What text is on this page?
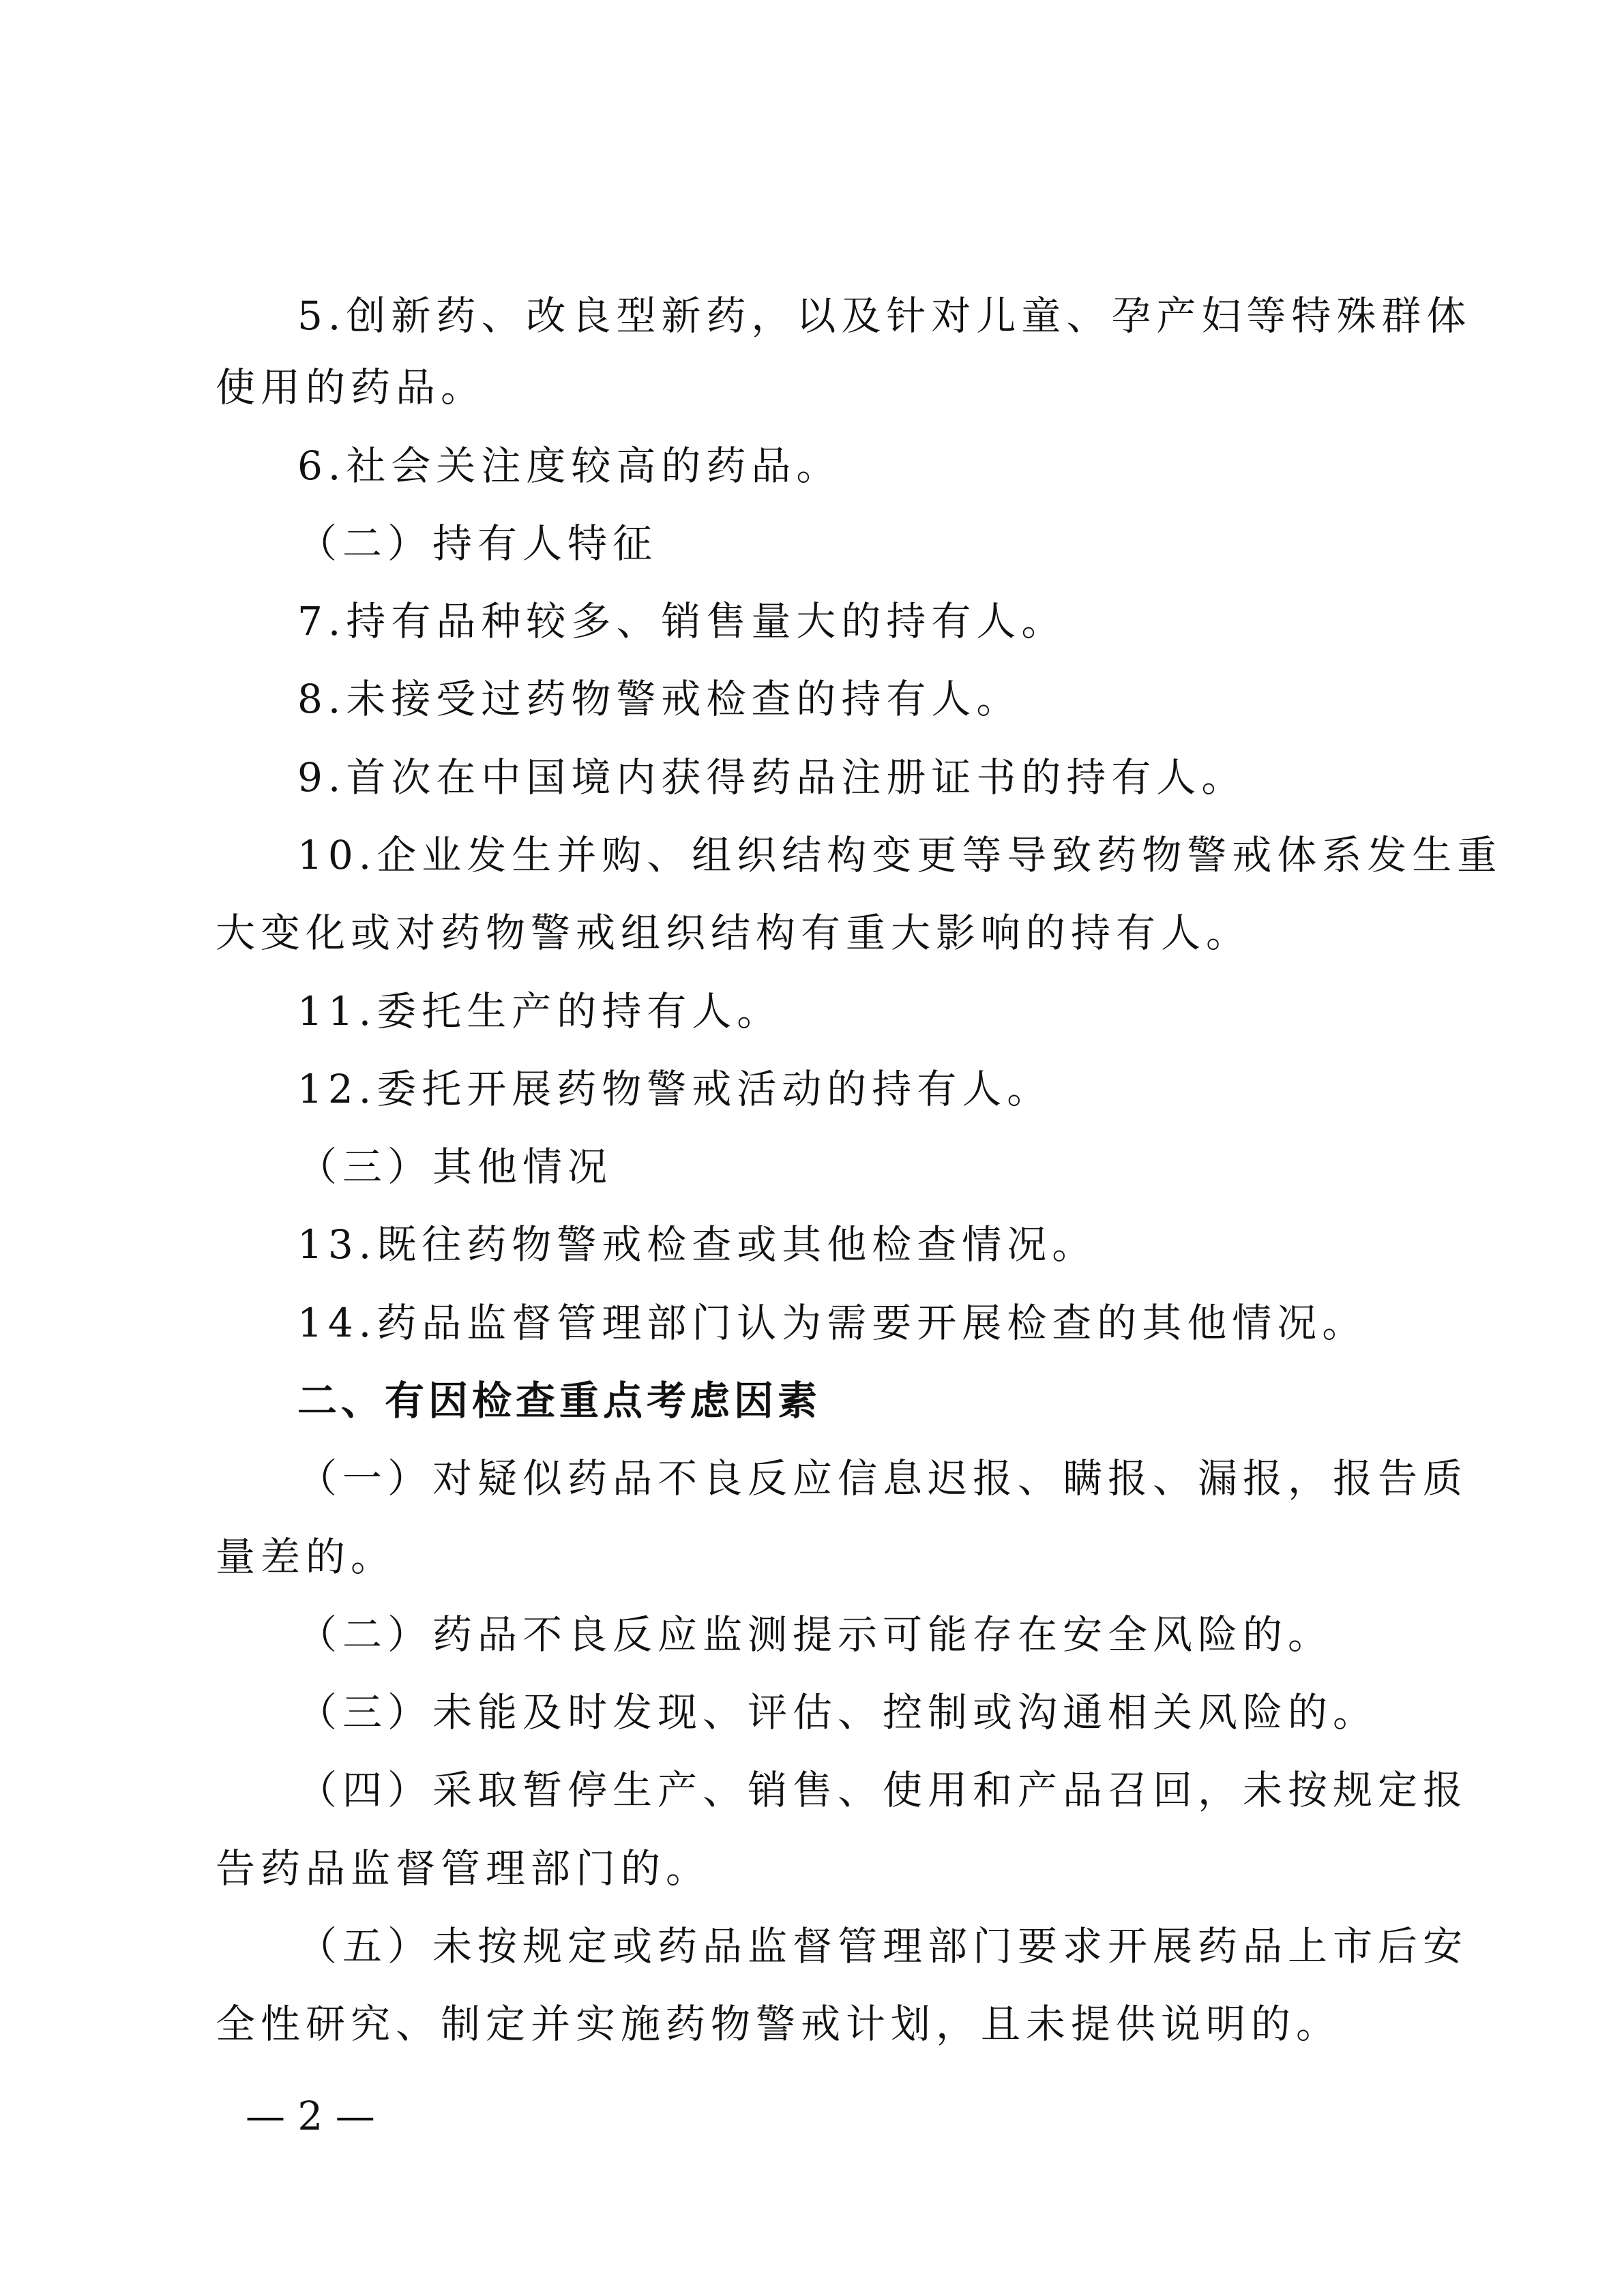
5.创新药、改良型新药，以及针对儿童、孕产妇等特殊群体
使用的药品。
6.社会关注度较高的药品。
（二）持有人特征
7.持有品种较多、销售量大的持有人。
8.未接受过药物警戒检查的持有人。
9.首次在中国境内获得药品注册证书的持有人。
10.企业发生并购、组织结构变更等导致药物警戒体系发生重
大变化或对药物警戒组织结构有重大影响的持有人。
11.委托生产的持有人。
12.委托开展药物警戒活动的持有人。
（三）其他情况
13.既往药物警戒检查或其他检查情况。
14.药品监督管理部门认为需要开展检查的其他情况。
二、有因检查重点考虑因素
（一）对疑似药品不良反应信息迟报、瞒报、漏报，报告质
量差的。
（二）药品不良反应监测提示可能存在安全风险的。
（三）未能及时发现、评估、控制或沟通相关风险的。
（四）采取暂停生产、销售、使用和产品召回，未按规定报
告药品监督管理部门的。
（五）未按规定或药品监督管理部门要求开展药品上市后安
全性研究、制定并实施药物警戒计划，且未提供说明的。
— 2 —
